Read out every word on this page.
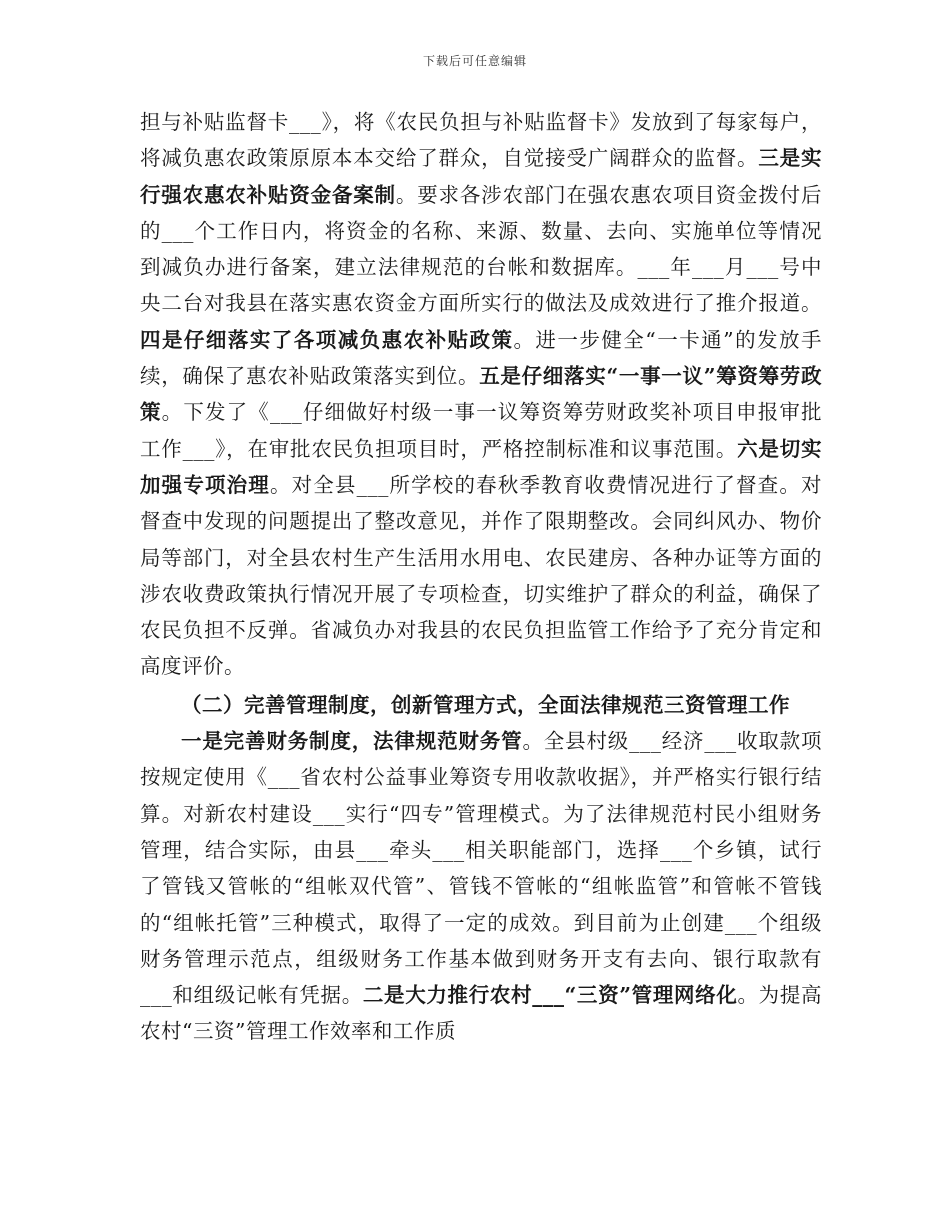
下载后可任意编辑

担与补贴监督卡___》，将《农民负担与补贴监督卡》发放到了每家每户，将减负惠农政策原原本本交给了群众，自觉接受广阔群众的监督。三是实行强农惠农补贴资金备案制。要求各涉农部门在强农惠农项目资金拨付后的___个工作日内，将资金的名称、来源、数量、去向、实施单位等情况到减负办进行备案，建立法律规范的台帐和数据库。___年___月___号中央二台对我县在落实惠农资金方面所实行的做法及成效进行了推介报道。四是仔细落实了各项减负惠农补贴政策。进一步健全“一卡通”的发放手续，确保了惠农补贴政策落实到位。五是仔细落实“一事一议”筹资筹劳政策。下发了《___仔细做好村级一事一议筹资筹劳财政奖补项目申报审批工作___》，在审批农民负担项目时，严格控制标准和议事范围。六是切实加强专项治理。对全县___所学校的春秋季教育收费情况进行了督查。对督查中发现的问题提出了整改意见，并作了限期整改。会同纠风办、物价局等部门，对全县农村生产生活用水用电、农民建房、各种办证等方面的涉农收费政策执行情况开展了专项检查，切实维护了群众的利益，确保了农民负担不反弹。省减负办对我县的农民负担监管工作给予了充分肯定和高度评价。

（二）完善管理制度，创新管理方式，全面法律规范三资管理工作

一是完善财务制度，法律规范财务管。全县村级___经济___收取款项按规定使用《___省农村公益事业筹资专用收款收据》，并严格实行银行结算。对新农村建设___实行“四专”管理模式。为了法律规范村民小组财务管理，结合实际，由县___牵头___相关职能部门，选择___个乡镇，试行了管钱又管帐的“组帐双代管”、管钱不管帐的“组帐监管”和管帐不管钱的“组帐托管”三种模式，取得了一定的成效。到目前为止创建___个组级财务管理示范点，组级财务工作基本做到财务开支有去向、银行取款有___和组级记帐有凭据。二是大力推行农村___“三资”管理网络化。为提高农村“三资”管理工作效率和工作质
